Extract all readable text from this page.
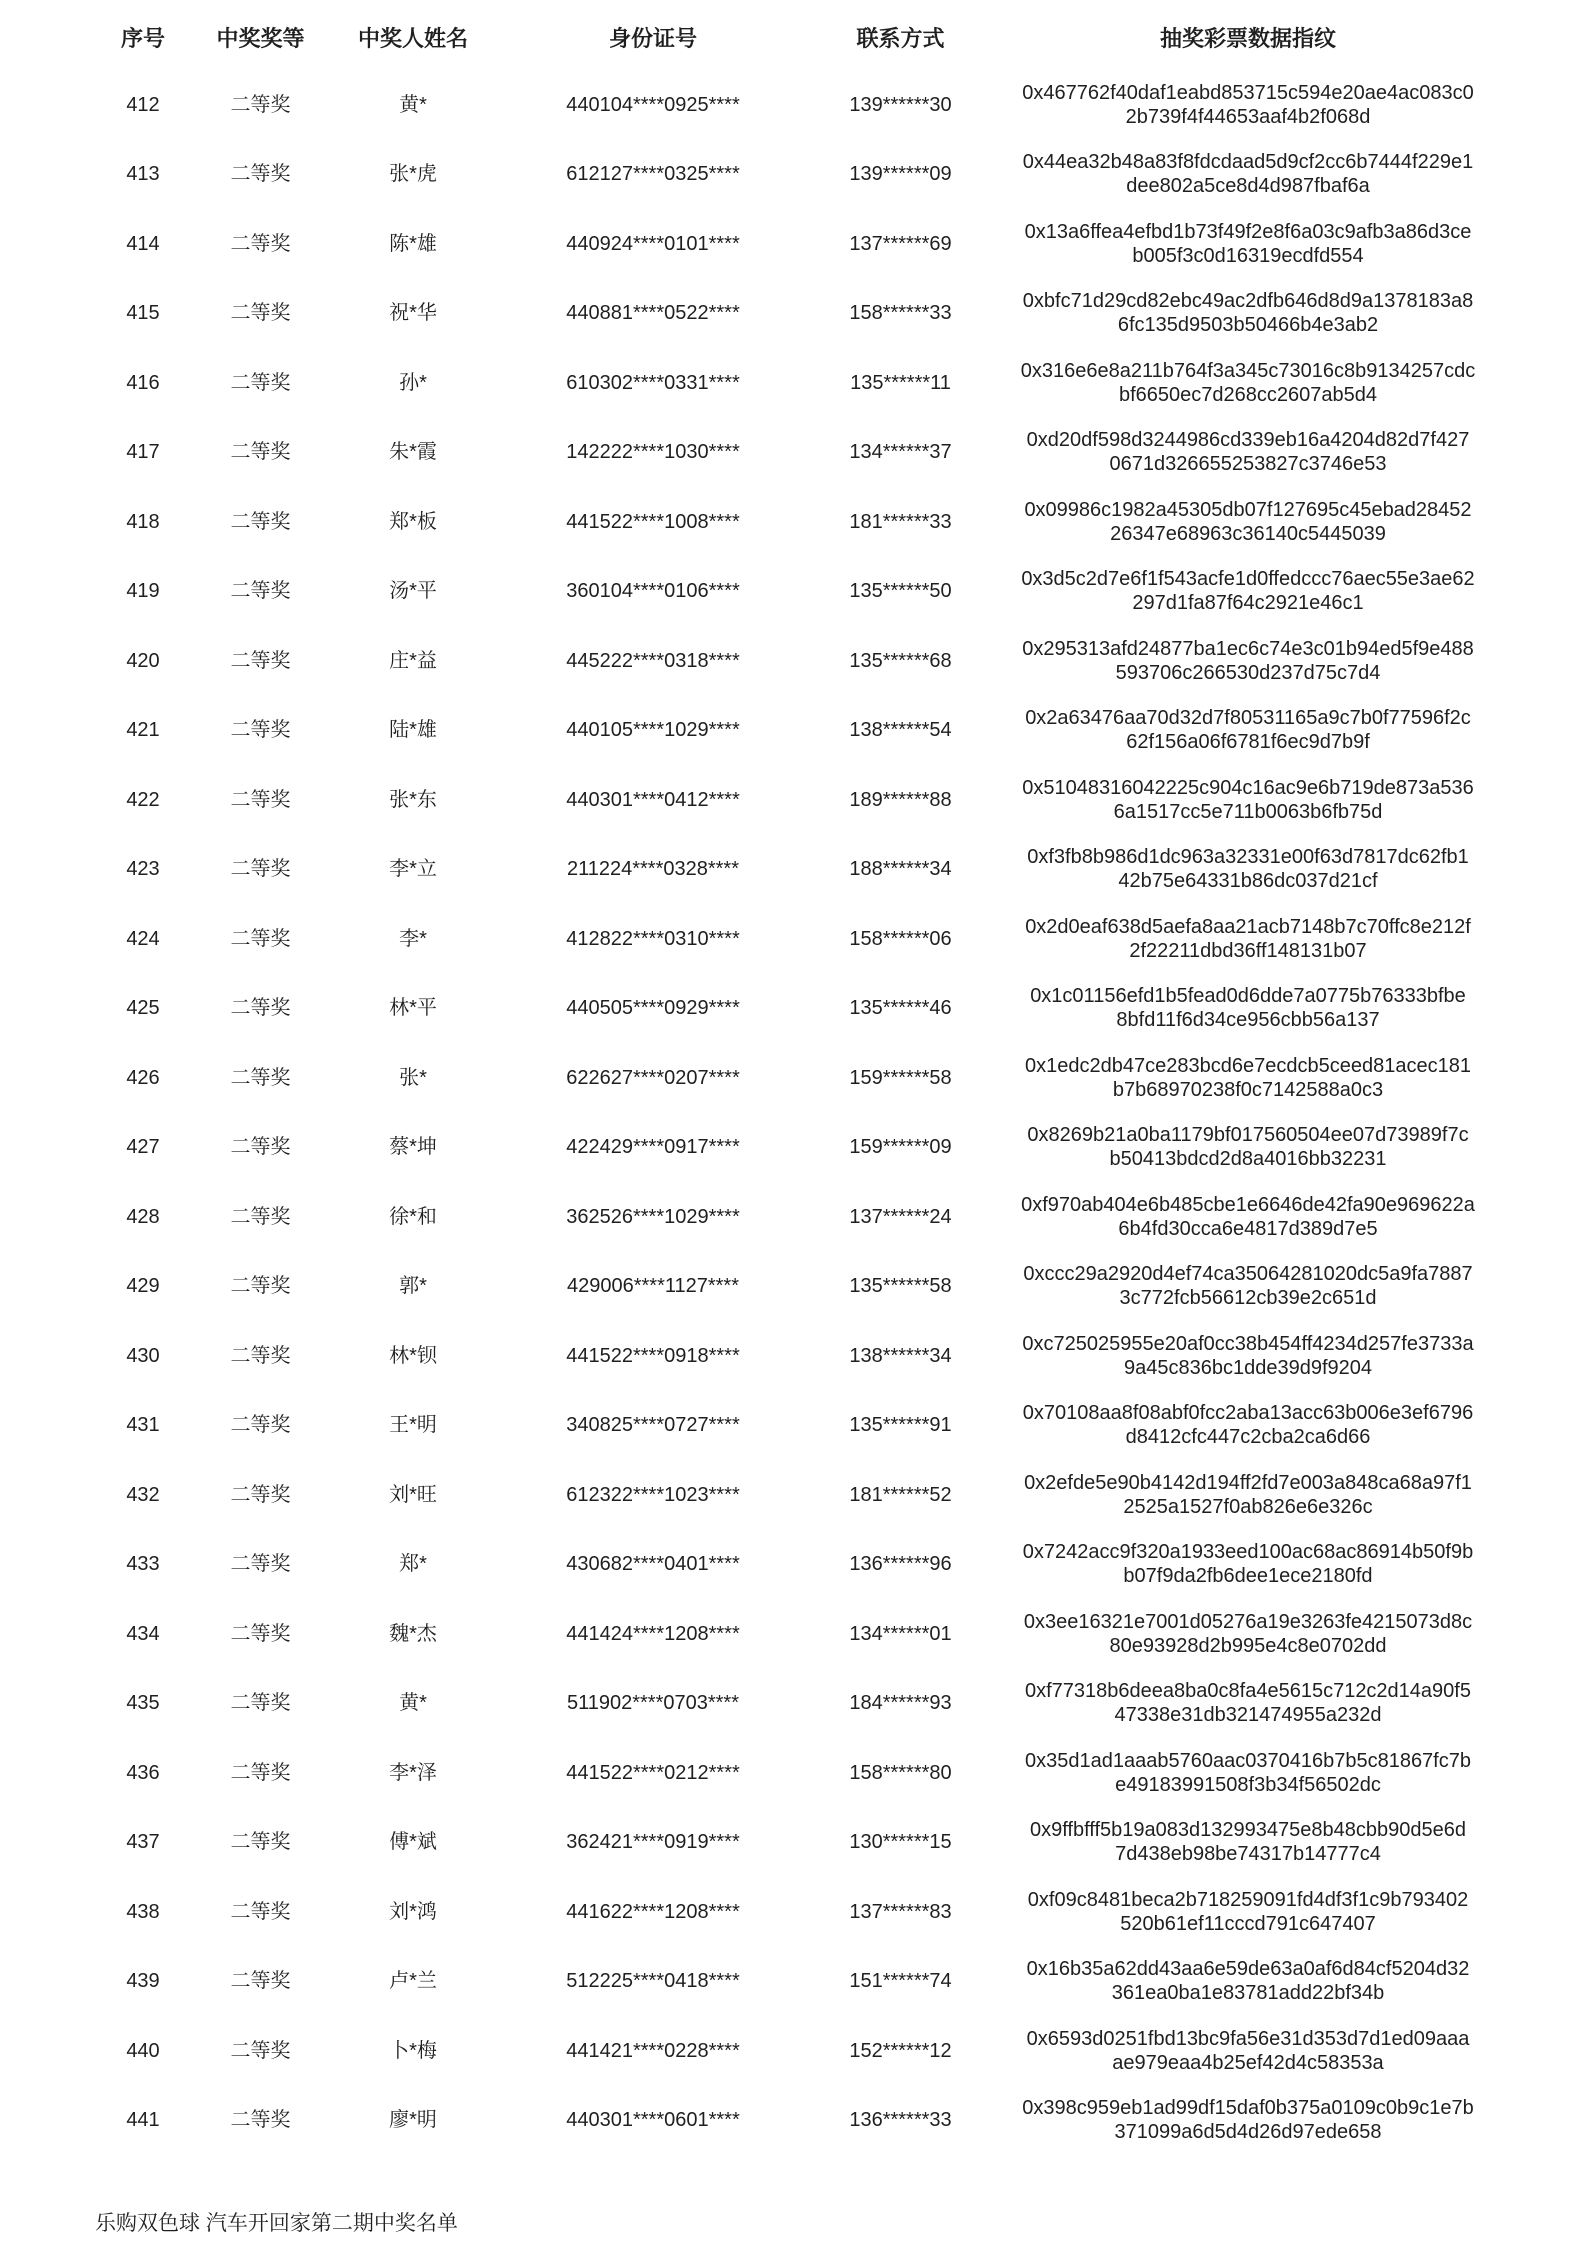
序号	中奖奖等	中奖人姓名	身份证号	联系方式	抽奖彩票数据指纹
412	二等奖	黄*	440104****0925****	139******30
0x467762f40daf1eabd853715c594e20ae4ac083c0
2b739f4f44653aaf4b2f068d
413	二等奖	张*虎	612127****0325****	139******09
0x44ea32b48a83f8fdcdaad5d9cf2cc6b7444f229e1
dee802a5ce8d4d987fbaf6a
414	二等奖	陈*雄	440924****0101****	137******69
0x13a6ffea4efbd1b73f49f2e8f6a03c9afb3a86d3ce
b005f3c0d16319ecdfd554
415	二等奖	祝*华	440881****0522****	158******33
0xbfc71d29cd82ebc49ac2dfb646d8d9a1378183a8
6fc135d9503b50466b4e3ab2
416	二等奖	孙*	610302****0331****	135******11
0x316e6e8a211b764f3a345c73016c8b9134257cdc
bf6650ec7d268cc2607ab5d4
417	二等奖	朱*霞	142222****1030****	134******37
0xd20df598d3244986cd339eb16a4204d82d7f427
0671d326655253827c3746e53
418	二等奖	郑*板	441522****1008****	181******33
0x09986c1982a45305db07f127695c45ebad28452
26347e68963c36140c5445039
419	二等奖	汤*平	360104****0106****	135******50
0x3d5c2d7e6f1f543acfe1d0ffedccc76aec55e3ae62
297d1fa87f64c2921e46c1
420	二等奖	庄*益	445222****0318****	135******68
0x295313afd24877ba1ec6c74e3c01b94ed5f9e488
593706c266530d237d75c7d4
421	二等奖	陆*雄	440105****1029****	138******54
0x2a63476aa70d32d7f80531165a9c7b0f77596f2c
62f156a06f6781f6ec9d7b9f
422	二等奖	张*东	440301****0412****	189******88
0x51048316042225c904c16ac9e6b719de873a536
6a1517cc5e711b0063b6fb75d
423	二等奖	李*立	211224****0328****	188******34
0xf3fb8b986d1dc963a32331e00f63d7817dc62fb1
42b75e64331b86dc037d21cf
424	二等奖	李*	412822****0310****	158******06
0x2d0eaf638d5aefa8aa21acb7148b7c70ffc8e212f
2f22211dbd36ff148131b07
425	二等奖	林*平	440505****0929****	135******46
0x1c01156efd1b5fead0d6dde7a0775b76333bfbe
8bfd11f6d34ce956cbb56a137
426	二等奖	张*	622627****0207****	159******58
0x1edc2db47ce283bcd6e7ecdcb5ceed81acec181
b7b68970238f0c7142588a0c3
427	二等奖	蔡*坤	422429****0917****	159******09
0x8269b21a0ba1179bf017560504ee07d73989f7c
b50413bdcd2d8a4016bb32231
428	二等奖	徐*和	362526****1029****	137******24
0xf970ab404e6b485cbe1e6646de42fa90e969622a
6b4fd30cca6e4817d389d7e5
429	二等奖	郭*	429006****1127****	135******58
0xccc29a2920d4ef74ca35064281020dc5a9fa7887
3c772fcb56612cb39e2c651d
430	二等奖	林*钡	441522****0918****	138******34
0xc725025955e20af0cc38b454ff4234d257fe3733a
9a45c836bc1dde39d9f9204
431	二等奖	王*明	340825****0727****	135******91
0x70108aa8f08abf0fcc2aba13acc63b006e3ef6796
d8412cfc447c2cba2ca6d66
432	二等奖	刘*旺	612322****1023****	181******52
0x2efde5e90b4142d194ff2fd7e003a848ca68a97f1
2525a1527f0ab826e6e326c
433	二等奖	郑*	430682****0401****	136******96
0x7242acc9f320a1933eed100ac68ac86914b50f9b
b07f9da2fb6dee1ece2180fd
434	二等奖	魏*杰	441424****1208****	134******01
0x3ee16321e7001d05276a19e3263fe4215073d8c
80e93928d2b995e4c8e0702dd
435	二等奖	黄*	511902****0703****	184******93
0xf77318b6deea8ba0c8fa4e5615c712c2d14a90f5
47338e31db321474955a232d
436	二等奖	李*泽	441522****0212****	158******80
0x35d1ad1aaab5760aac0370416b7b5c81867fc7b
e49183991508f3b34f56502dc
437	二等奖	傅*斌	362421****0919****	130******15
0x9ffbfff5b19a083d132993475e8b48cbb90d5e6d
7d438eb98be74317b14777c4
438	二等奖	刘*鸿	441622****1208****	137******83
0xf09c8481beca2b718259091fd4df3f1c9b793402
520b61ef11cccd791c647407
439	二等奖	卢*兰	512225****0418****	151******74
0x16b35a62dd43aa6e59de63a0af6d84cf5204d32
361ea0ba1e83781add22bf34b
440	二等奖	卜*梅	441421****0228****	152******12
0x6593d0251fbd13bc9fa56e31d353d7d1ed09aaa
ae979eaa4b25ef42d4c58353a
441	二等奖	廖*明	440301****0601****	136******33
0x398c959eb1ad99df15daf0b375a0109c0b9c1e7b
371099a6d5d4d26d97ede658
乐购双色球 汽车开回家第二期中奖名单
